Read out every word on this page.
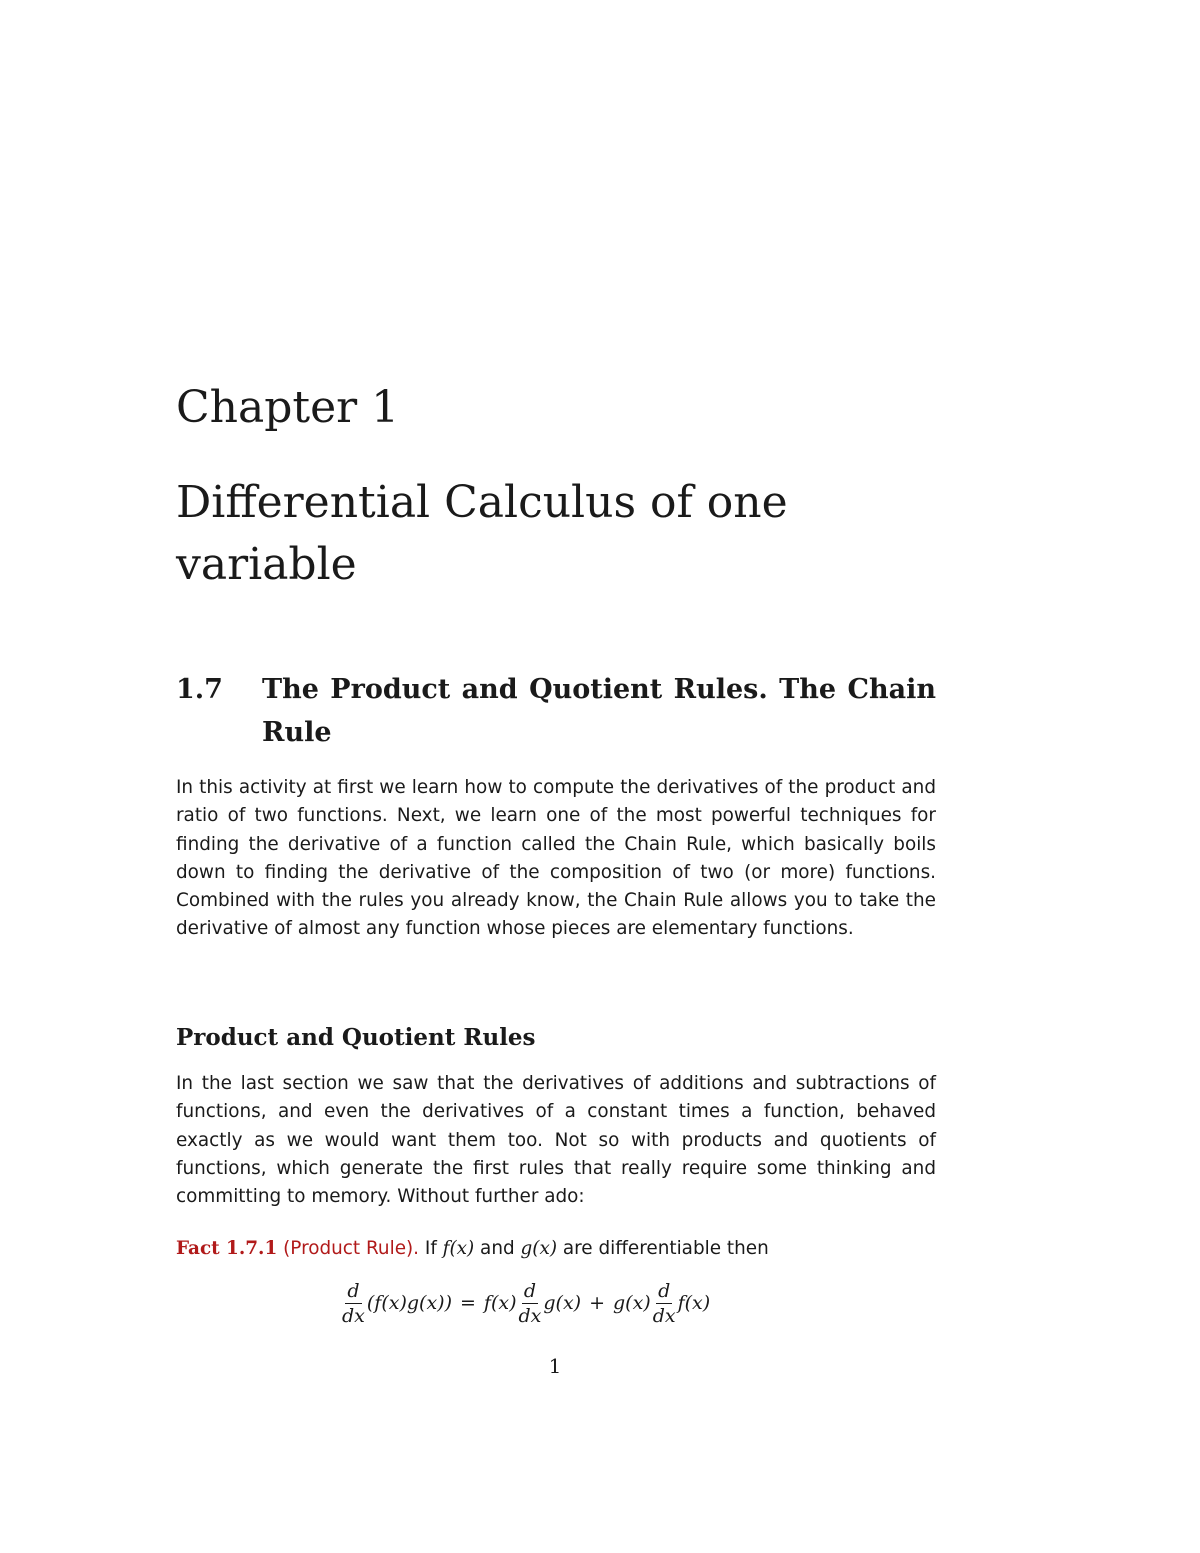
Chapter 1
Differential Calculus of one variable
1.7 The Product and Quotient Rules. The Chain Rule

In this activity at first we learn how to compute the derivatives of the product and ratio of two functions. Next, we learn one of the most powerful techniques for finding the derivative of a function called the Chain Rule, which basically boils down to finding the derivative of the composition of two (or more) functions. Combined with the rules you already know, the Chain Rule allows you to take the derivative of almost any function whose pieces are elementary functions.

Product and Quotient Rules

In the last section we saw that the derivatives of additions and subtractions of functions, and even the derivatives of a constant times a function, behaved exactly as we would want them too. Not so with products and quotients of functions, which generate the first rules that really require some thinking and committing to memory. Without further ado:

Fact 1.7.1 (Product Rule). If f(x) and g(x) are differentiable then

$\frac{d}{dx} (f(x)g(x)) = f(x) \frac{d}{dx} g(x) + g(x) \frac{d}{dx} f(x)$
1
